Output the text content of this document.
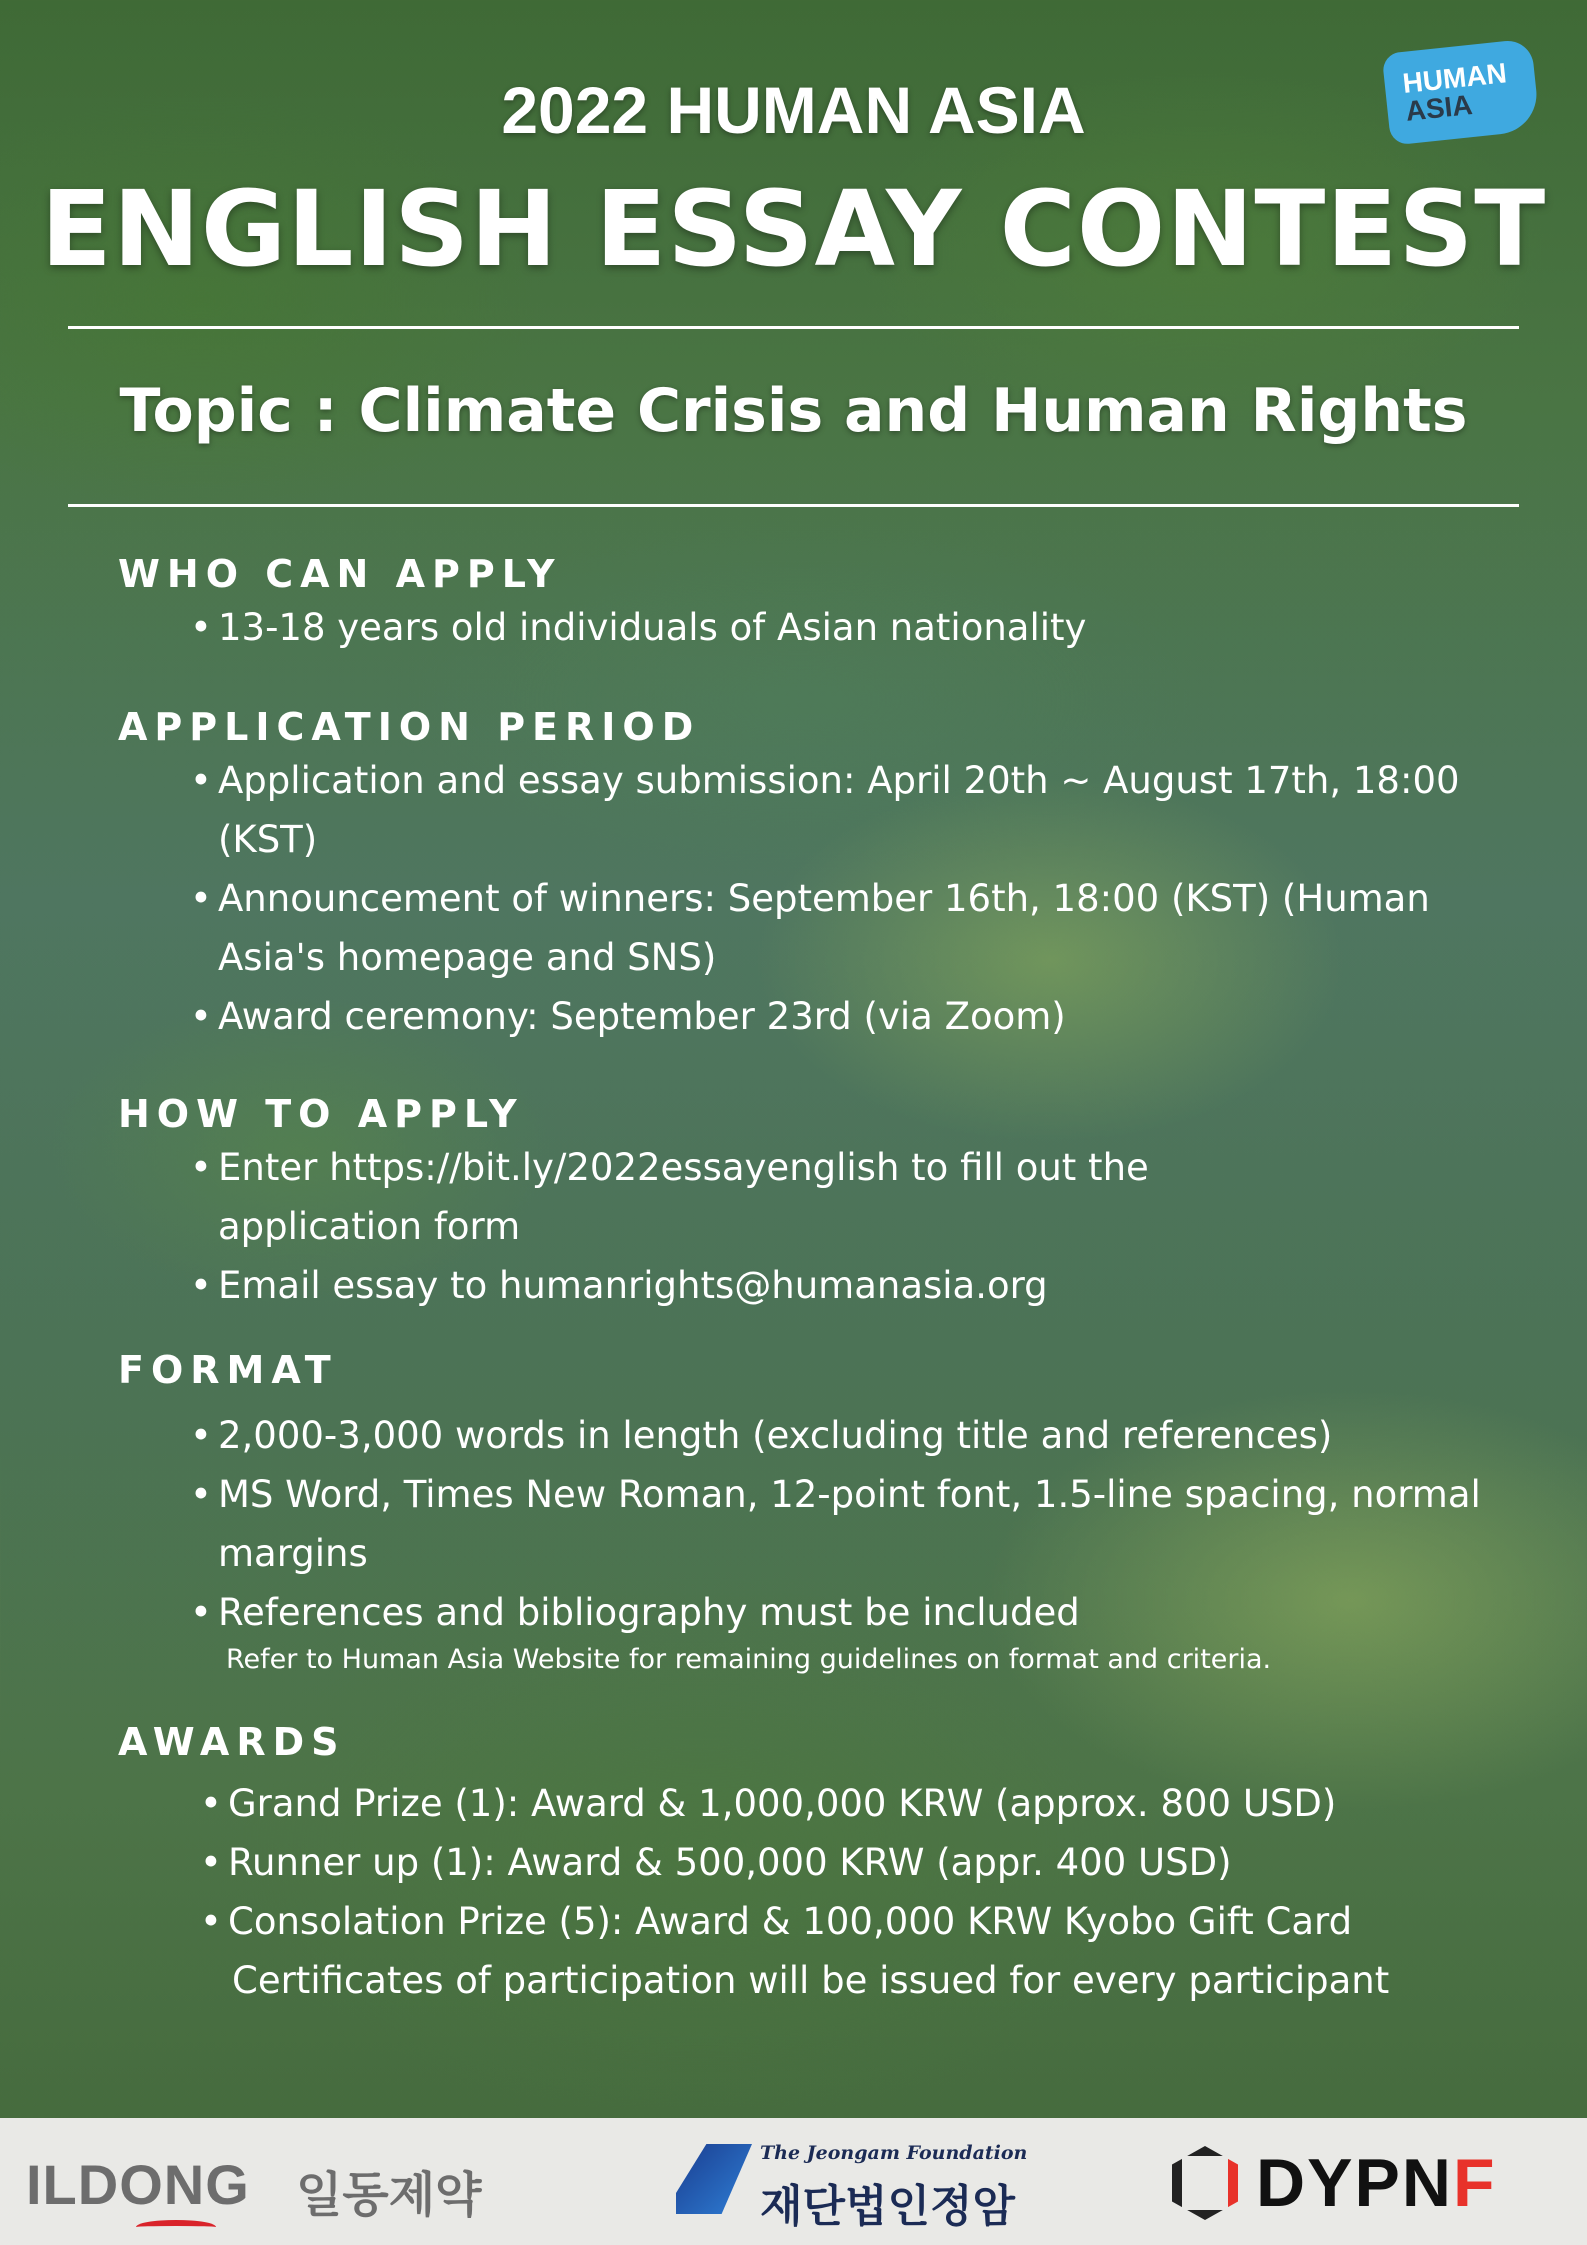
HUMAN
ASIA
2022 HUMAN ASIA
ENGLISH ESSAY CONTEST
Topic : Climate Crisis and Human Rights
WHO CAN APPLY
• 13-18 years old individuals of Asian nationality
APPLICATION PERIOD
• Application and essay submission: April 20th ~ August 17th, 18:00 (KST)
• Announcement of winners: September 16th, 18:00 (KST) (Human Asia's homepage and SNS)
• Award ceremony: September 23rd (via Zoom)
HOW TO APPLY
• Enter https://bit.ly/2022essayenglish to fill out the application form
• Email essay to humanrights@humanasia.org
FORMAT
• 2,000-3,000 words in length (excluding title and references)
• MS Word, Times New Roman, 12-point font, 1.5-line spacing, normal margins
• References and bibliography must be included
Refer to Human Asia Website for remaining guidelines on format and criteria.
AWARDS
• Grand Prize (1): Award & 1,000,000 KRW (approx. 800 USD)
• Runner up (1): Award & 500,000 KRW (appr. 400 USD)
• Consolation Prize (5): Award & 100,000 KRW Kyobo Gift Card
Certificates of participation will be issued for every participant
ILDONG 일동제약
The Jeongam Foundation
재단법인정암	DYPNF
